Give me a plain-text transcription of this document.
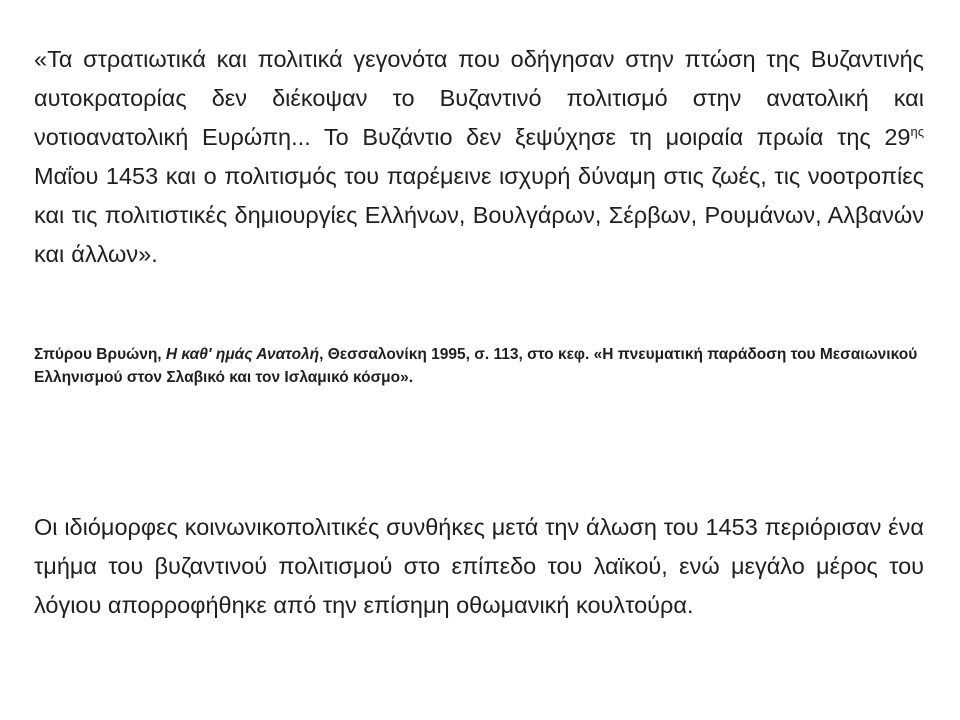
«Τα στρατιωτικά και πολιτικά γεγονότα που οδήγησαν στην πτώση της Βυζαντινής αυτοκρατορίας δεν διέκοψαν το Βυζαντινό πολιτισμό στην ανατολική και νοτιοανατολική Ευρώπη... Το Βυζάντιο δεν ξεψύχησε τη μοιραία πρωία της $29^{\eta\varsigma}$ Μαΐου 1453 και ο πολιτισμός του παρέμεινε ισχυρή δύναμη στις ζωές, τις νοοτροπίες και τις πολιτιστικές δημιουργίες Ελλήνων, Βουλγάρων, Σέρβων, Ρουμάνων, Αλβανών και άλλων».

Σπύρου Βρυώνη, Η καθ' ημάς Ανατολή, Θεσσαλονίκη 1995, σ. 113, στο κεφ. «Η πνευματική παράδοση του Μεσαιωνικού Ελληνισμού στον Σλαβικό και τον Ισλαμικό κόσμο».

Οι ιδιόμορφες κοινωνικοπολιτικές συνθήκες μετά την άλωση του 1453 περιόρισαν ένα τμήμα του βυζαντινού πολιτισμού στο επίπεδο του λαϊκού, ενώ μεγάλο μέρος του λόγιου απορροφήθηκε από την επίσημη οθωμανική κουλτούρα.
